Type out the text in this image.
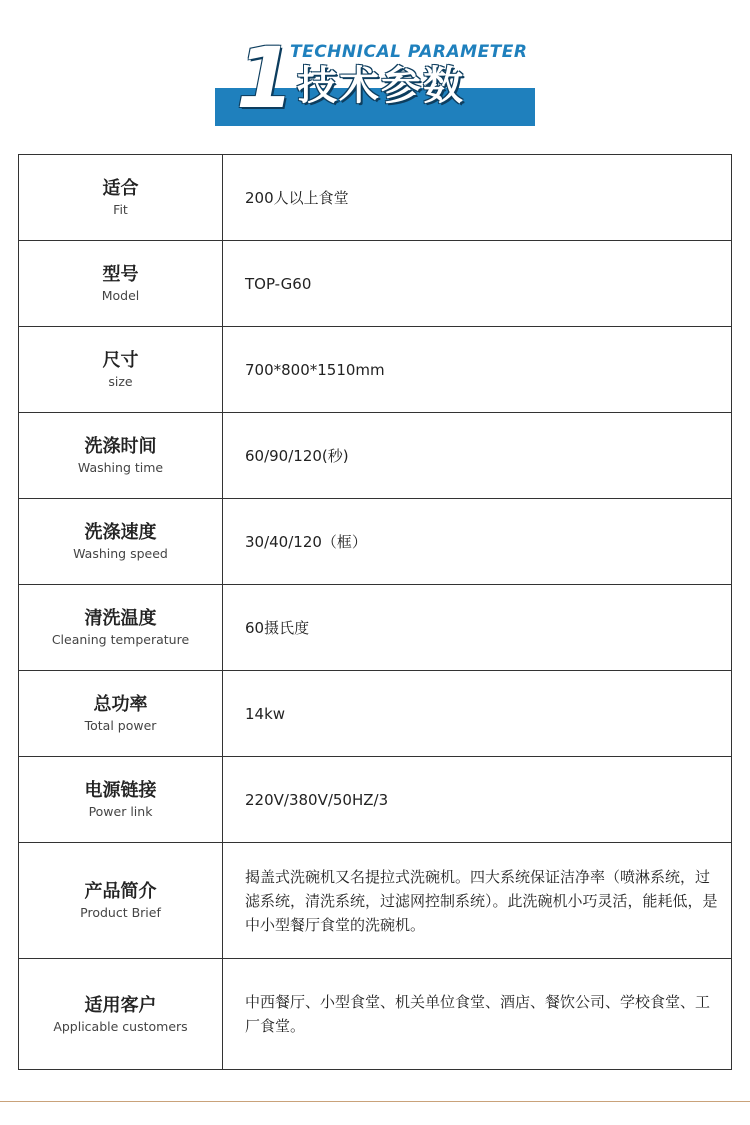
1
TECHNICAL PARAMETER
技术参数
适合
Fit
200人以上食堂
型号
Model
TOP-G60
尺寸
size
700*800*1510mm
洗涤时间
Washing time
60/90/120(秒)
洗涤速度
Washing speed
30/40/120（框）
清洗温度
Cleaning temperature
60摄氏度
总功率
Total power
14kw
电源链接
Power link
220V/380V/50HZ/3
产品简介
Product Brief
揭盖式洗碗机又名提拉式洗碗机。四大系统保证洁净率（喷淋系统，过滤系统，清洗系统，过滤网控制系统）。此洗碗机小巧灵活，能耗低，是中小型餐厅食堂的洗碗机。
适用客户
Applicable customers
中西餐厅、小型食堂、机关单位食堂、酒店、餐饮公司、学校食堂、工厂食堂。
